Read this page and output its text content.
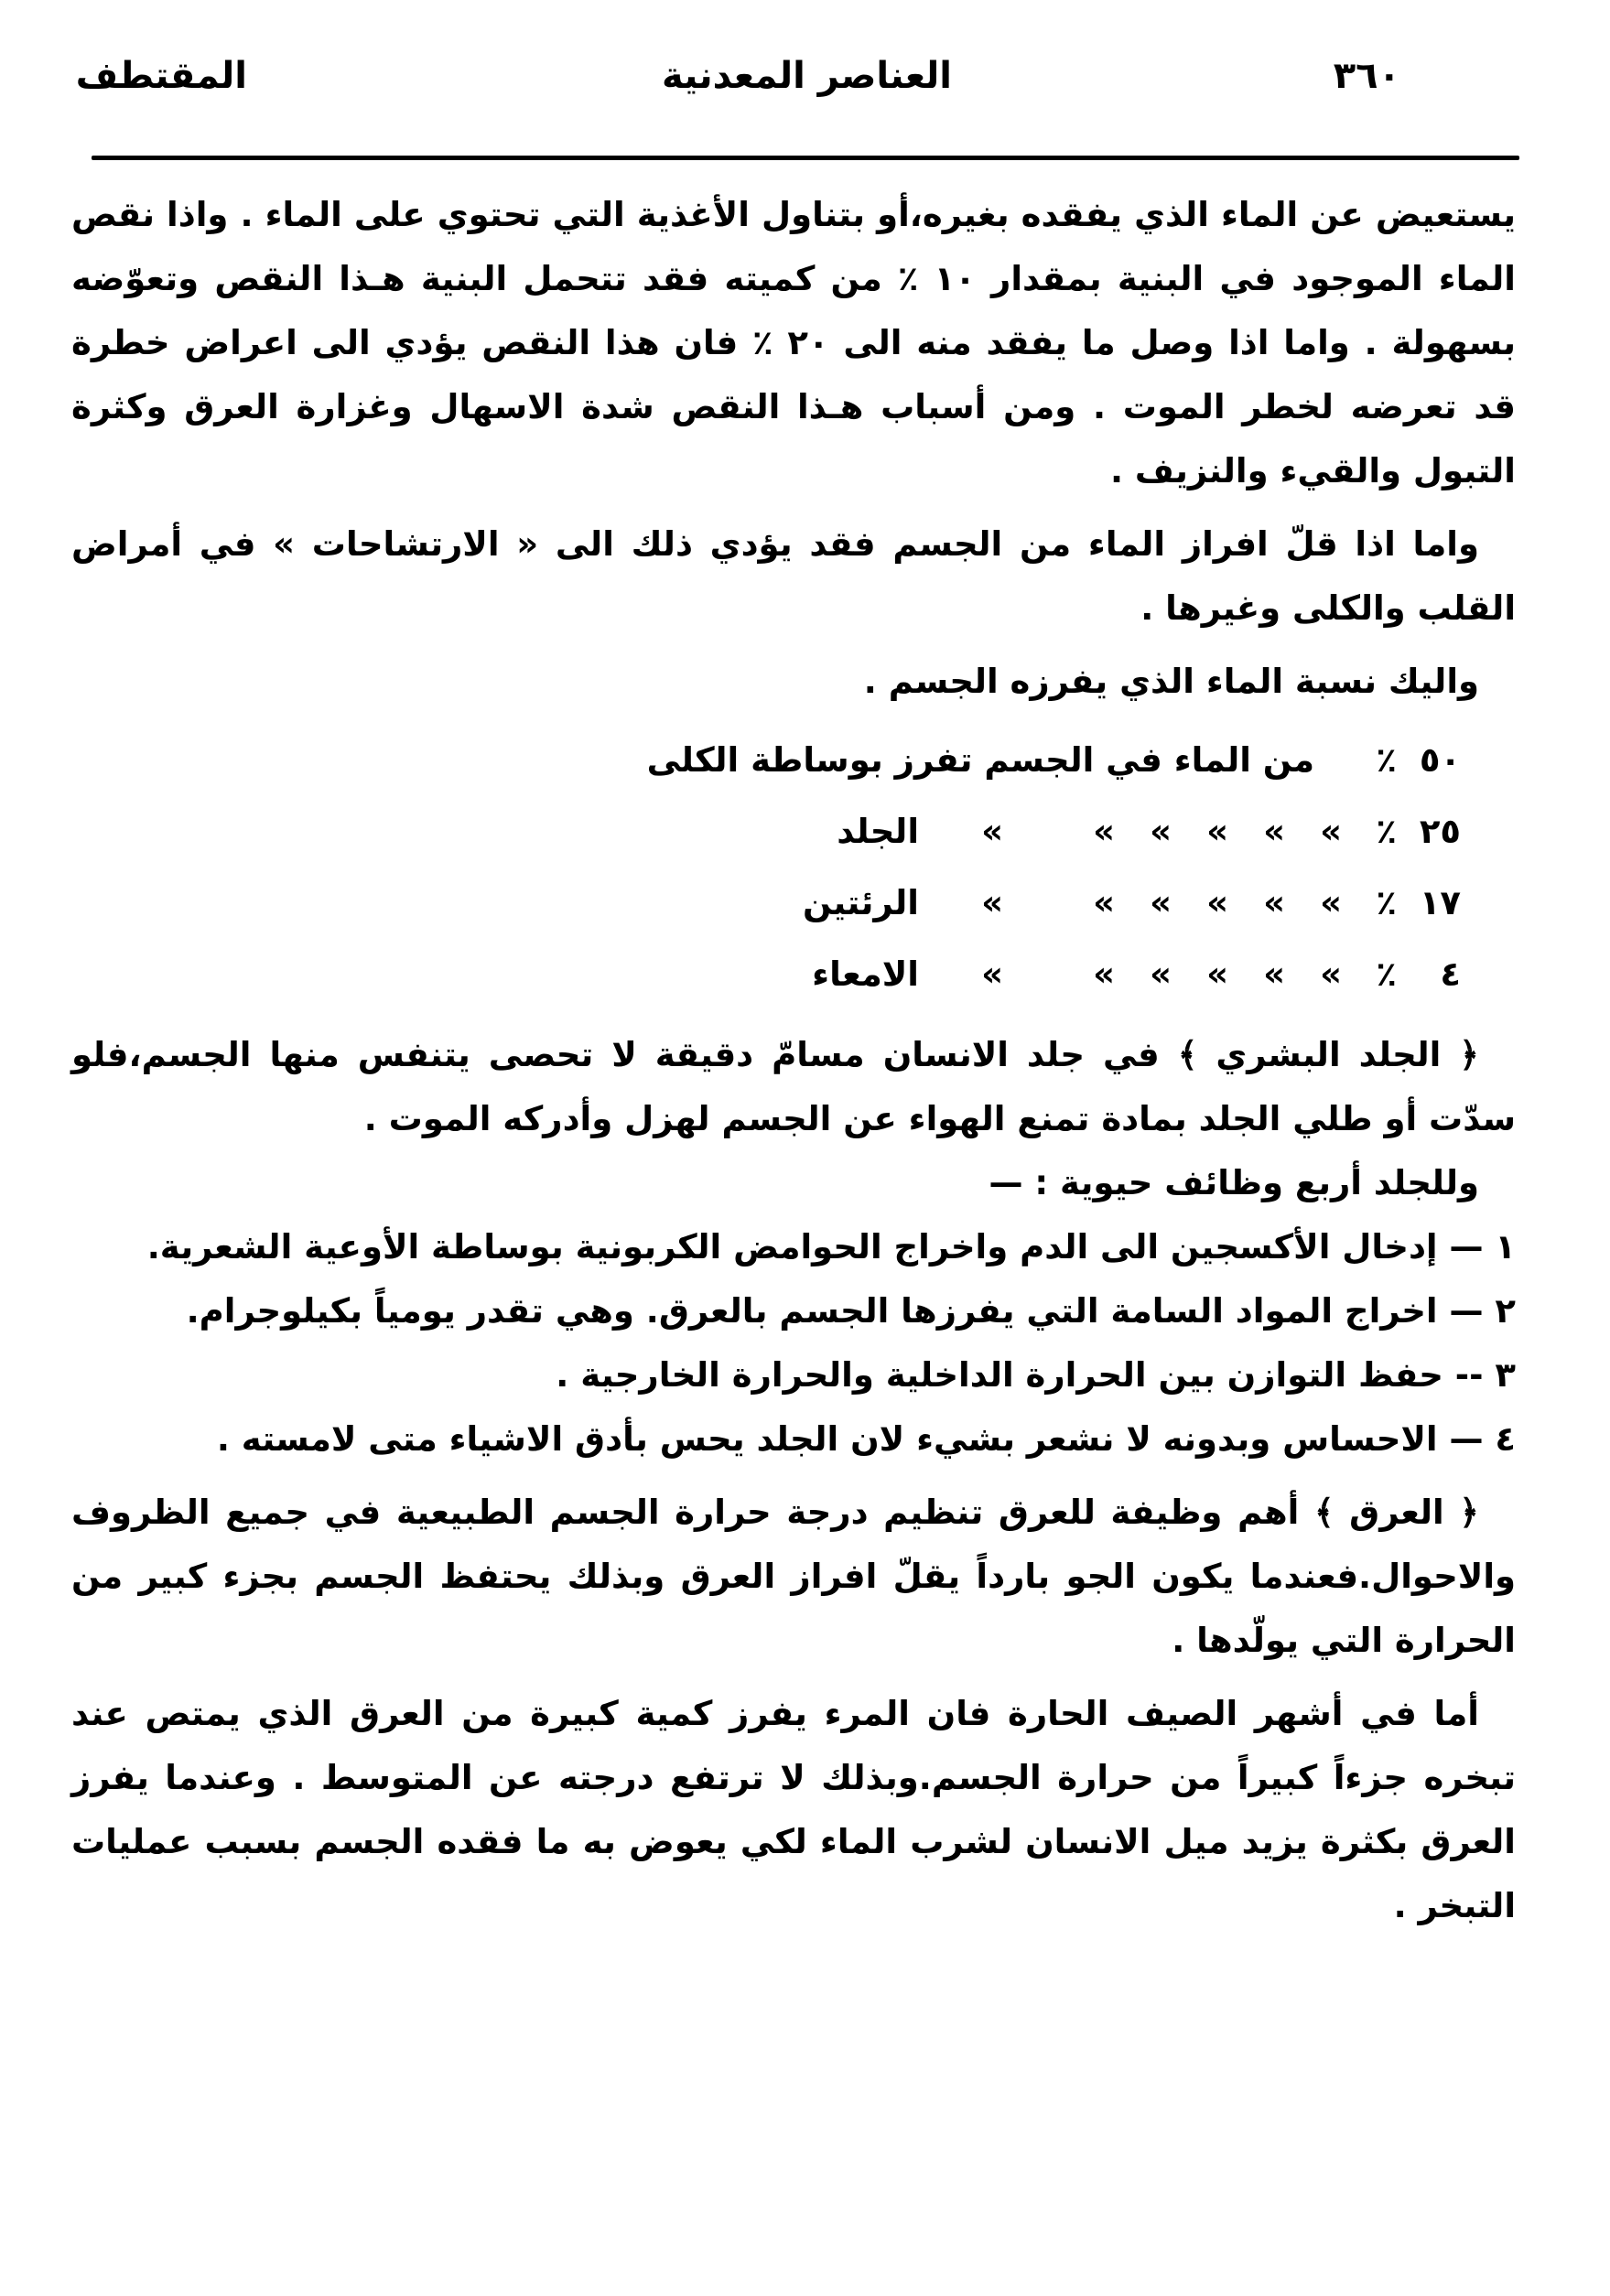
٣٦٠
العناصر المعدنية
المقتطف

يستعيض عن الماء الذي يفقده بغيره،أو بتناول الأغذية التي تحتوي على الماء . واذا نقص الماء الموجود في البنية بمقدار ١٠ ٪ من كميته فقد تتحمل البنية هـذا النقص وتعوّضه بسهولة . واما اذا وصل ما يفقد منه الى ٢٠ ٪ فان هذا النقص يؤدي الى اعراض خطرة قد تعرضه لخطر الموت . ومن أسباب هـذا النقص شدة الاسهال وغزارة العرق وكثرة التبول والقيء والنزيف .

واما اذا قلّ افراز الماء من الجسم فقد يؤدي ذلك الى « الارتشاحات » في أمراض القلب والكلى وغيرها .

واليك نسبة الماء الذي يفرزه الجسم .

٥٠
٪
من الماء في الجسم تفرز بوساطة الكلى
٢٥
٪
»
»
»
»
»
»
الجلد
١٧
٪
»
»
»
»
»
»
الرئتين
٤
٪
»
»
»
»
»
»
الامعاء

﴿ الجلد البشري ﴾ في جلد الانسان مسامّ دقيقة لا تحصى يتنفس منها الجسم،فلو سدّت أو طلي الجلد بمادة تمنع الهواء عن الجسم لهزل وأدركه الموت .

وللجلد أربع وظائف حيوية : —

١ — إدخال الأكسجين الى الدم واخراج الحوامض الكربونية بوساطة الأوعية الشعرية.

٢ — اخراج المواد السامة التي يفرزها الجسم بالعرق. وهي تقدر يومياً بكيلوجرام.

٣ -- حفظ التوازن بين الحرارة الداخلية والحرارة الخارجية .

٤ — الاحساس وبدونه لا نشعر بشيء لان الجلد يحس بأدق الاشياء متى لامسته .

﴿ العرق ﴾ أهم وظيفة للعرق تنظيم درجة حرارة الجسم الطبيعية في جميع الظروف والاحوال.فعندما يكون الجو بارداً يقلّ افراز العرق وبذلك يحتفظ الجسم بجزء كبير من الحرارة التي يولّدها .

أما في أشهر الصيف الحارة فان المرء يفرز كمية كبيرة من العرق الذي يمتص عند تبخره جزءاً كبيراً من حرارة الجسم.وبذلك لا ترتفع درجته عن المتوسط . وعندما يفرز العرق بكثرة يزيد ميل الانسان لشرب الماء لكي يعوض به ما فقده الجسم بسبب عمليات التبخر .
